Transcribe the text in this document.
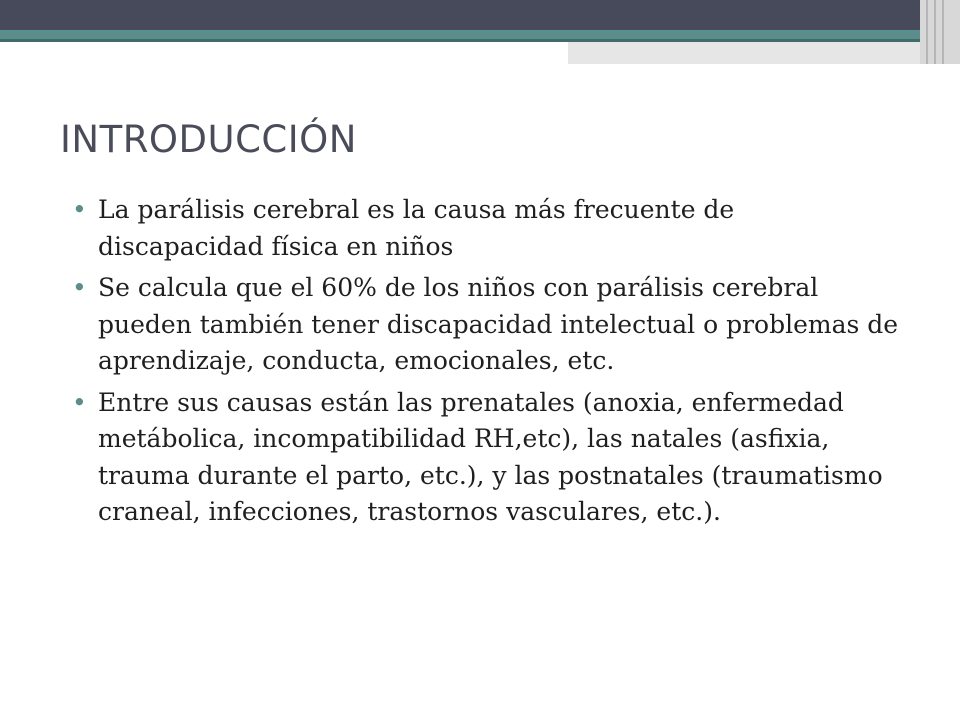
INTRODUCCIÓN
• La parálisis cerebral es la causa más frecuente de discapacidad física en niños
• Se calcula que el 60% de los niños con parálisis cerebral pueden también tener discapacidad intelectual o problemas de aprendizaje, conducta, emocionales, etc.
• Entre sus causas están las prenatales (anoxia, enfermedad metábolica, incompatibilidad RH,etc), las natales (asfixia, trauma durante el parto, etc.), y las postnatales (traumatismo craneal, infecciones, trastornos vasculares, etc.).
